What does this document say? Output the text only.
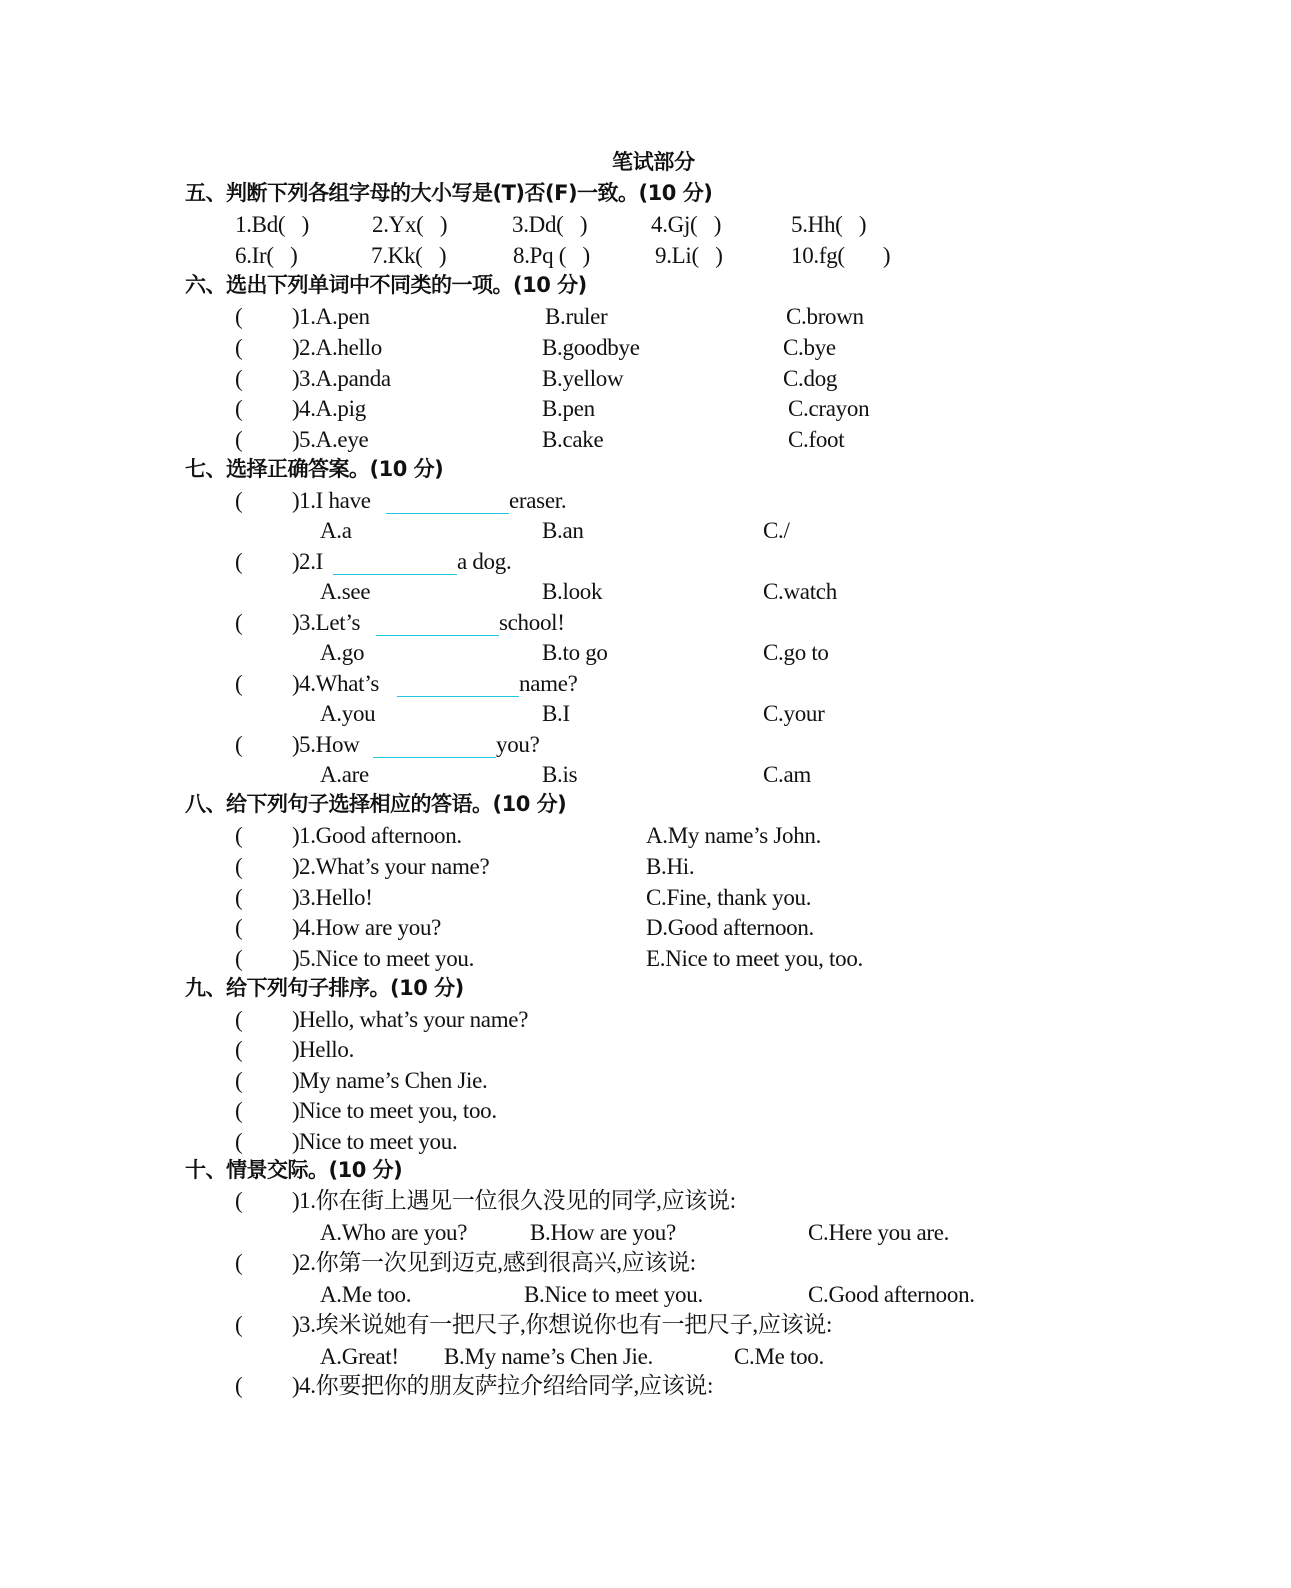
笔试部分
五、判断下列各组字母的大小写是(T)否(F)一致。(10 分)
1.Bd(   )	2.Yx(   )	3.Dd(   )	4.Gj(   )	5.Hh(   )
6.Ir(   )	7.Kk(   )	8.Pq (   )	9.Li(   )	10.fg(       )
六、选出下列单词中不同类的一项。(10 分)
( ) 1.A.pen	B.ruler	C.brown
( ) 2.A.hello	B.goodbye	C.bye
( ) 3.A.panda	B.yellow	C.dog
( ) 4.A.pig	B.pen	C.crayon
( ) 5.A.eye	B.cake	C.foot
七、选择正确答案。(10 分)
( ) 1.I have	eraser.
A.a	B.an	C./
( ) 2.I	a dog.
A.see	B.look	C.watch
( ) 3.Let’s	school!
A.go	B.to go	C.go to
( ) 4.What’s	name?
A.you	B.I	C.your
( ) 5.How	you?
A.are	B.is	C.am
八、给下列句子选择相应的答语。(10 分)
( ) 1.Good afternoon.	A.My name’s John.
( ) 2.What’s your name?	B.Hi.
( ) 3.Hello!	C.Fine, thank you.
( ) 4.How are you?	D.Good afternoon.
( ) 5.Nice to meet you.	E.Nice to meet you, too.
九、给下列句子排序。(10 分)
( ) Hello, what’s your name?
( ) Hello.
( ) My name’s Chen Jie.
( ) Nice to meet you, too.
( ) Nice to meet you.
十、情景交际。(10 分)
( ) 1.你在街上遇见一位很久没见的同学,应该说:
A.Who are you?	B.How are you?	C.Here you are.
( ) 2.你第一次见到迈克,感到很高兴,应该说:
A.Me too.	B.Nice to meet you.	C.Good afternoon.
( ) 3.埃米说她有一把尺子,你想说你也有一把尺子,应该说:
A.Great! B.My name’s Chen Jie.	C.Me too.
( ) 4.你要把你的朋友萨拉介绍给同学,应该说:
